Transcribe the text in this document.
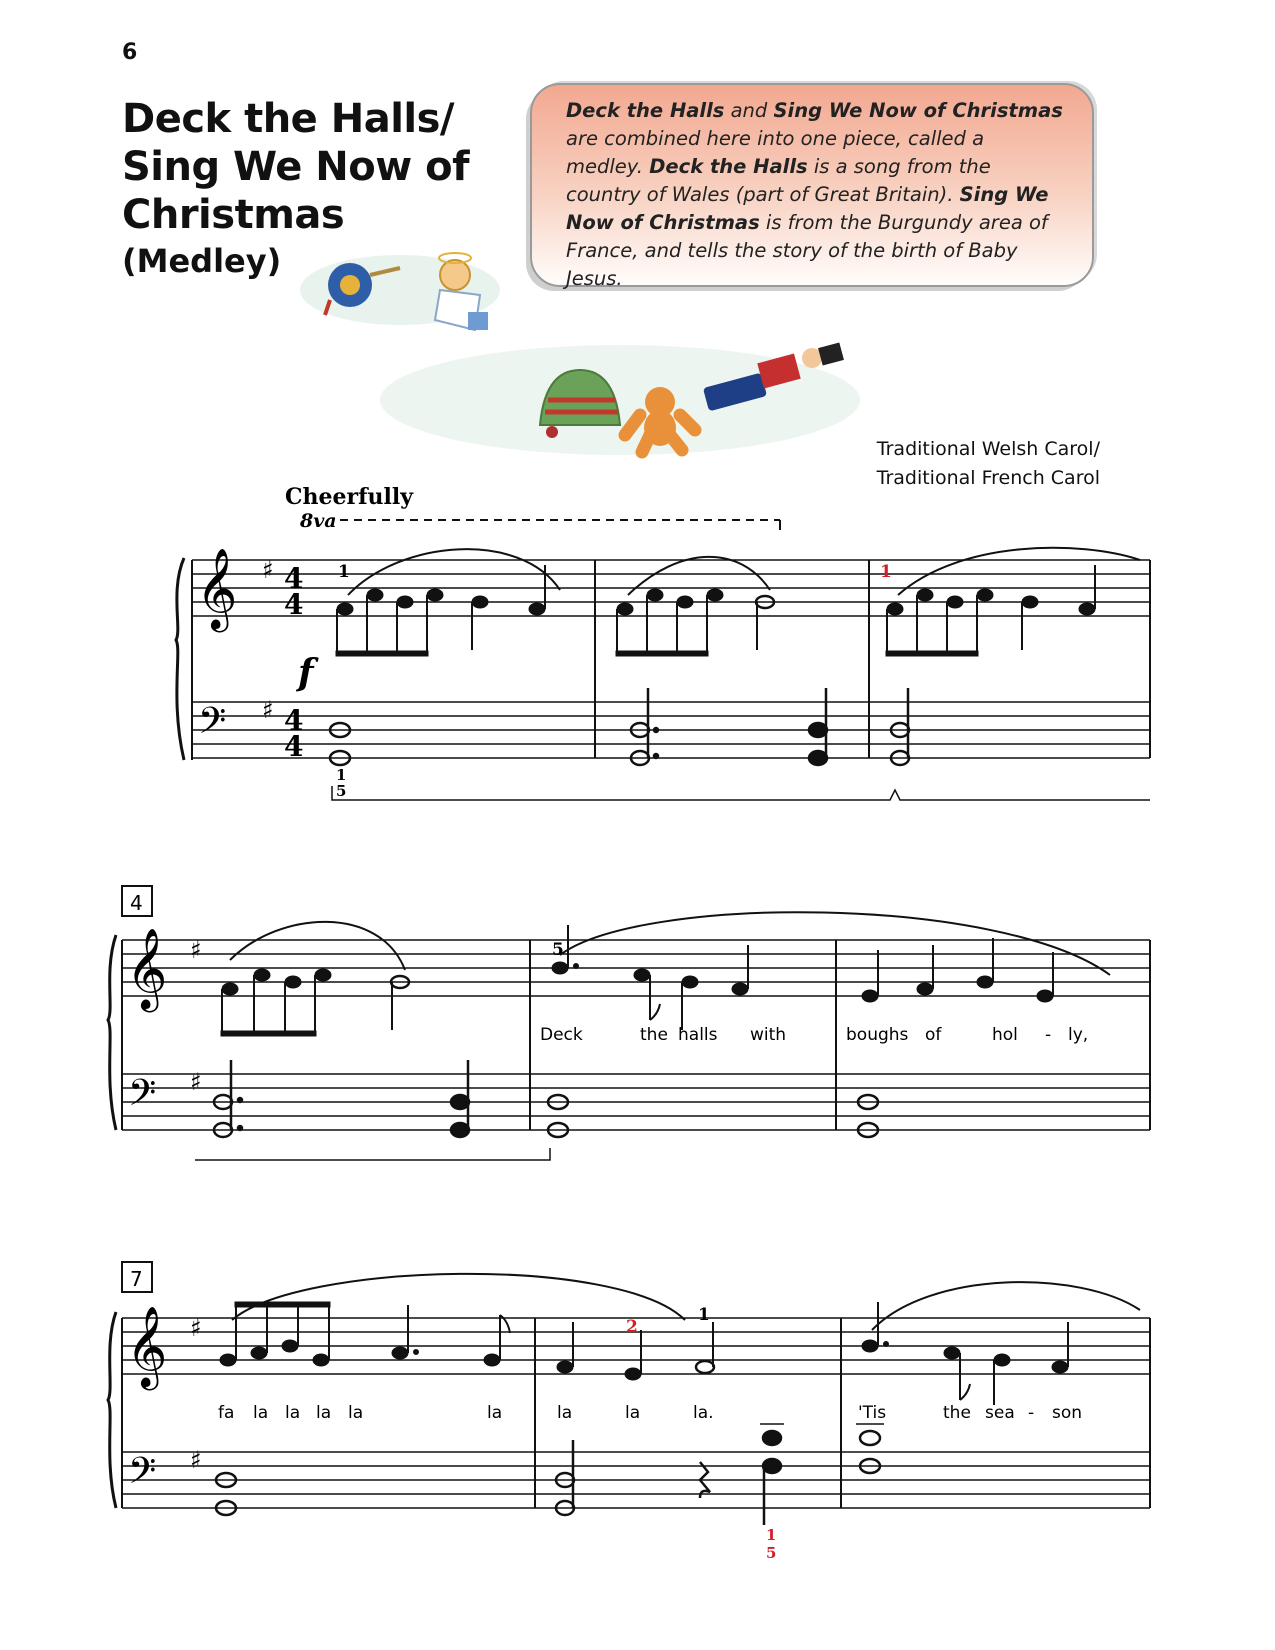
6
Deck the Halls/
Sing We Now of
Christmas
(Medley)
Deck the Halls and Sing We Now of Christmas are combined here into one piece, called a medley. Deck the Halls is a song from the country of Wales (part of Great Britain). Sing We Now of Christmas is from the Burgundy area of France, and tells the story of the birth of Baby Jesus.
Traditional Welsh Carol/
Traditional French Carol
Cheerfully
8va
𝄞
𝄢
♯
♯
4
4
4
4
f
1	1
1
5
4
𝄞
𝄢
♯
♯
5
Deck	the halls with	boughs of	hol - ly,
7
𝄞
𝄢
♯
♯
2
1
fa la la la la	la	la	la	la.	'Tis	the sea - son
1
5
